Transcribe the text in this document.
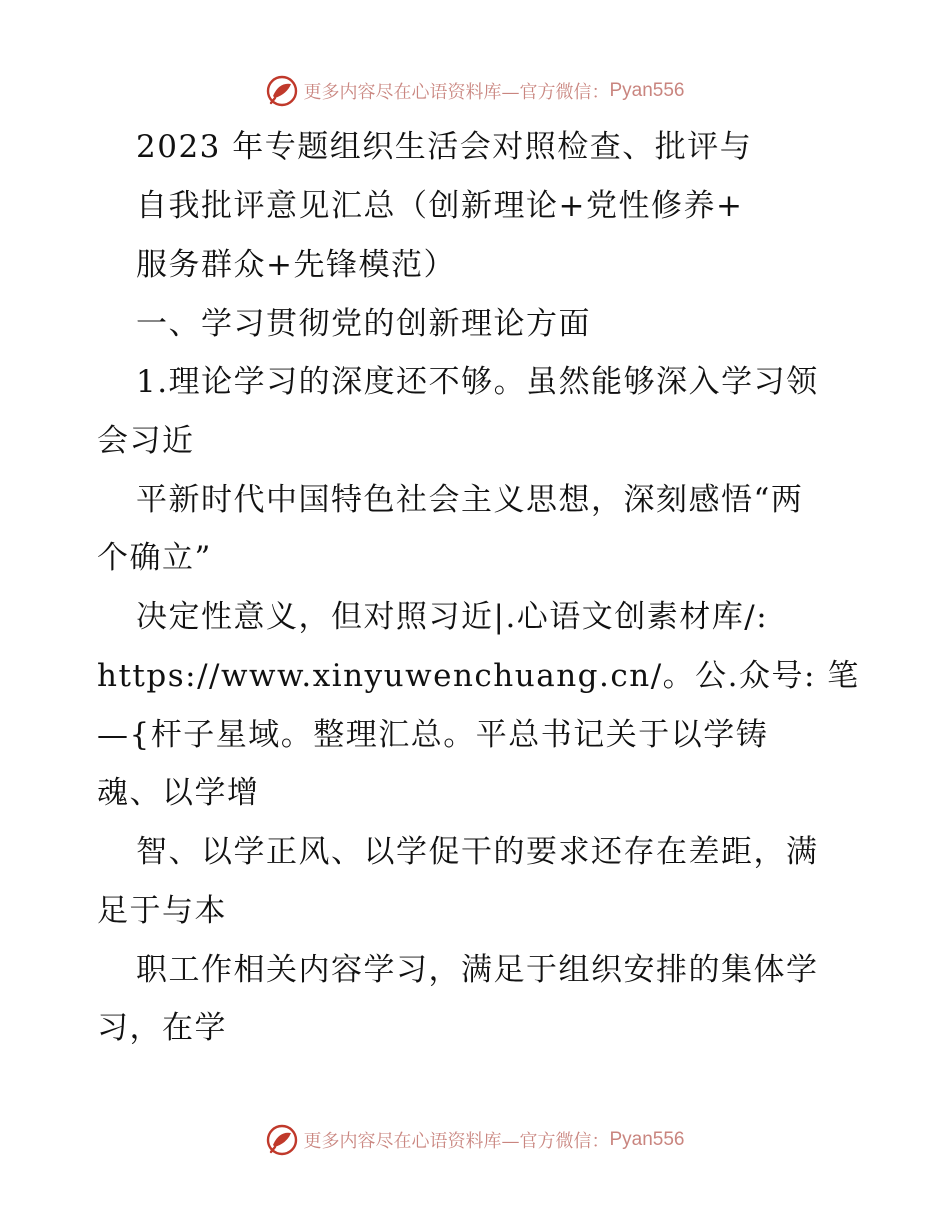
更多内容尽在心语资料库—官方微信： Pyan556
2023 年专题组织生活会对照检查、批评与
自我批评意见汇总（创新理论+党性修养+
服务群众+先锋模范）
一、学习贯彻党的创新理论方面
1.理论学习的深度还不够。虽然能够深入学习领
会习近
平新时代中国特色社会主义思想，深刻感悟“两
个确立”
决定性意义，但对照习近|.心语文创素材库/:
https://www.xinyuwenchuang.cn/。公.众号: 笔
—{杆子星域。整理汇总。平总书记关于以学铸
魂、以学增
智、以学正风、以学促干的要求还存在差距，满
足于与本
职工作相关内容学习，满足于组织安排的集体学
习，在学
更多内容尽在心语资料库—官方微信： Pyan556
